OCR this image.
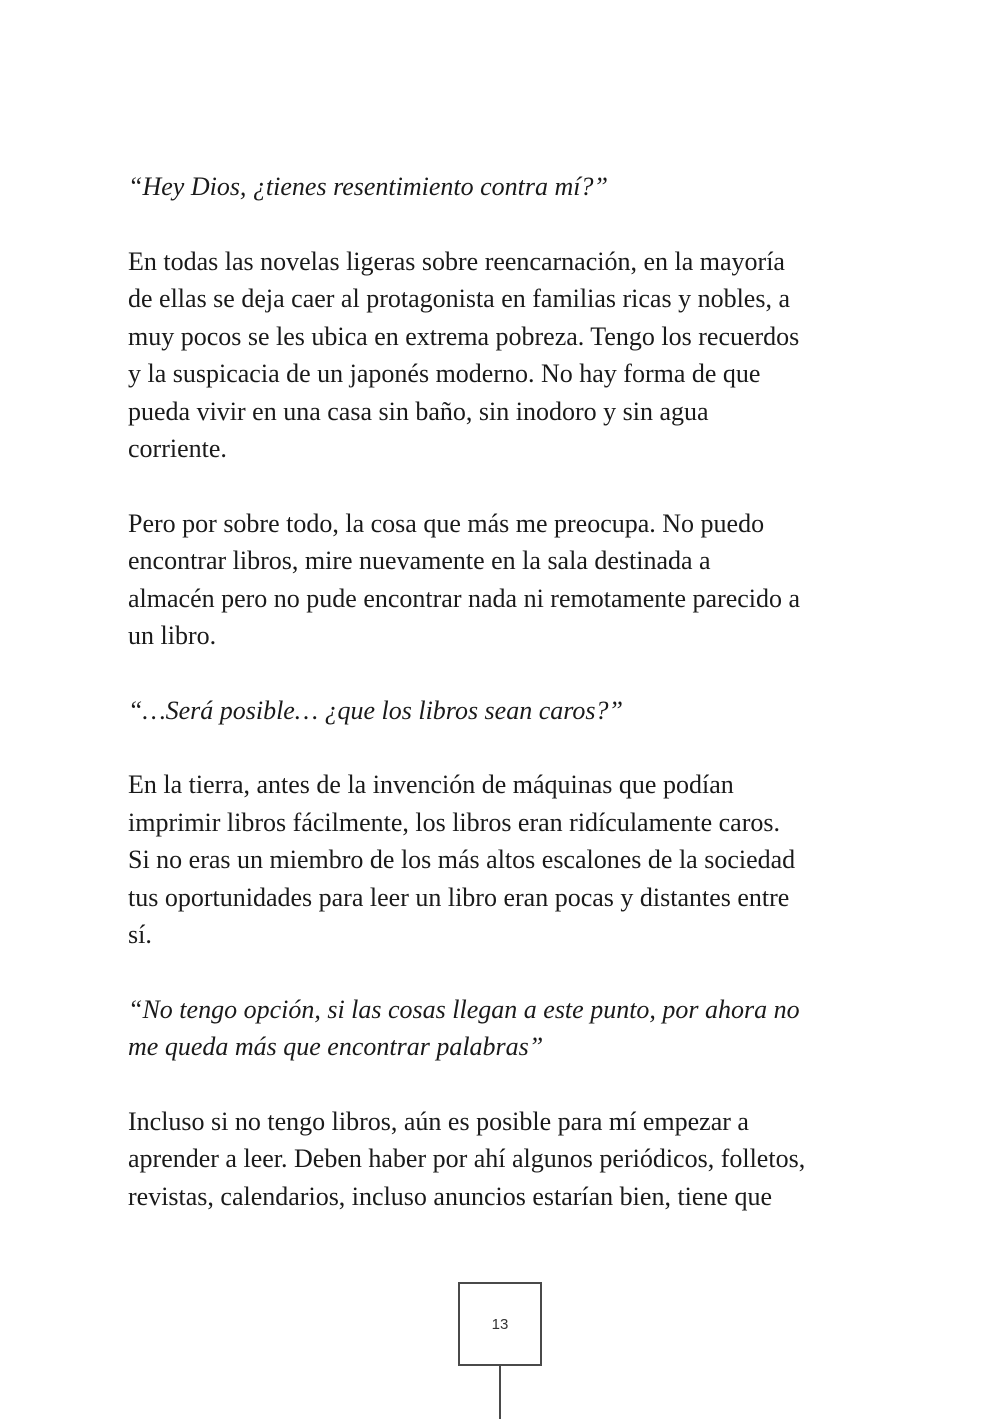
“Hey Dios, ¿tienes resentimiento contra mí?”

En todas las novelas ligeras sobre reencarnación, en la mayoría
de ellas se deja caer al protagonista en familias ricas y nobles, a
muy pocos se les ubica en extrema pobreza. Tengo los recuerdos
y la suspicacia de un japonés moderno. No hay forma de que
pueda vivir en una casa sin baño, sin inodoro y sin agua
corriente.

Pero por sobre todo, la cosa que más me preocupa. No puedo
encontrar libros, mire nuevamente en la sala destinada a
almacén pero no pude encontrar nada ni remotamente parecido a
un libro.

“…Será posible… ¿que los libros sean caros?”

En la tierra, antes de la invención de máquinas que podían
imprimir libros fácilmente, los libros eran ridículamente caros.
Si no eras un miembro de los más altos escalones de la sociedad
tus oportunidades para leer un libro eran pocas y distantes entre
sí.

“No tengo opción, si las cosas llegan a este punto, por ahora no
me queda más que encontrar palabras”

Incluso si no tengo libros, aún es posible para mí empezar a
aprender a leer. Deben haber por ahí algunos periódicos, folletos,
revistas, calendarios, incluso anuncios estarían bien, tiene que

13
